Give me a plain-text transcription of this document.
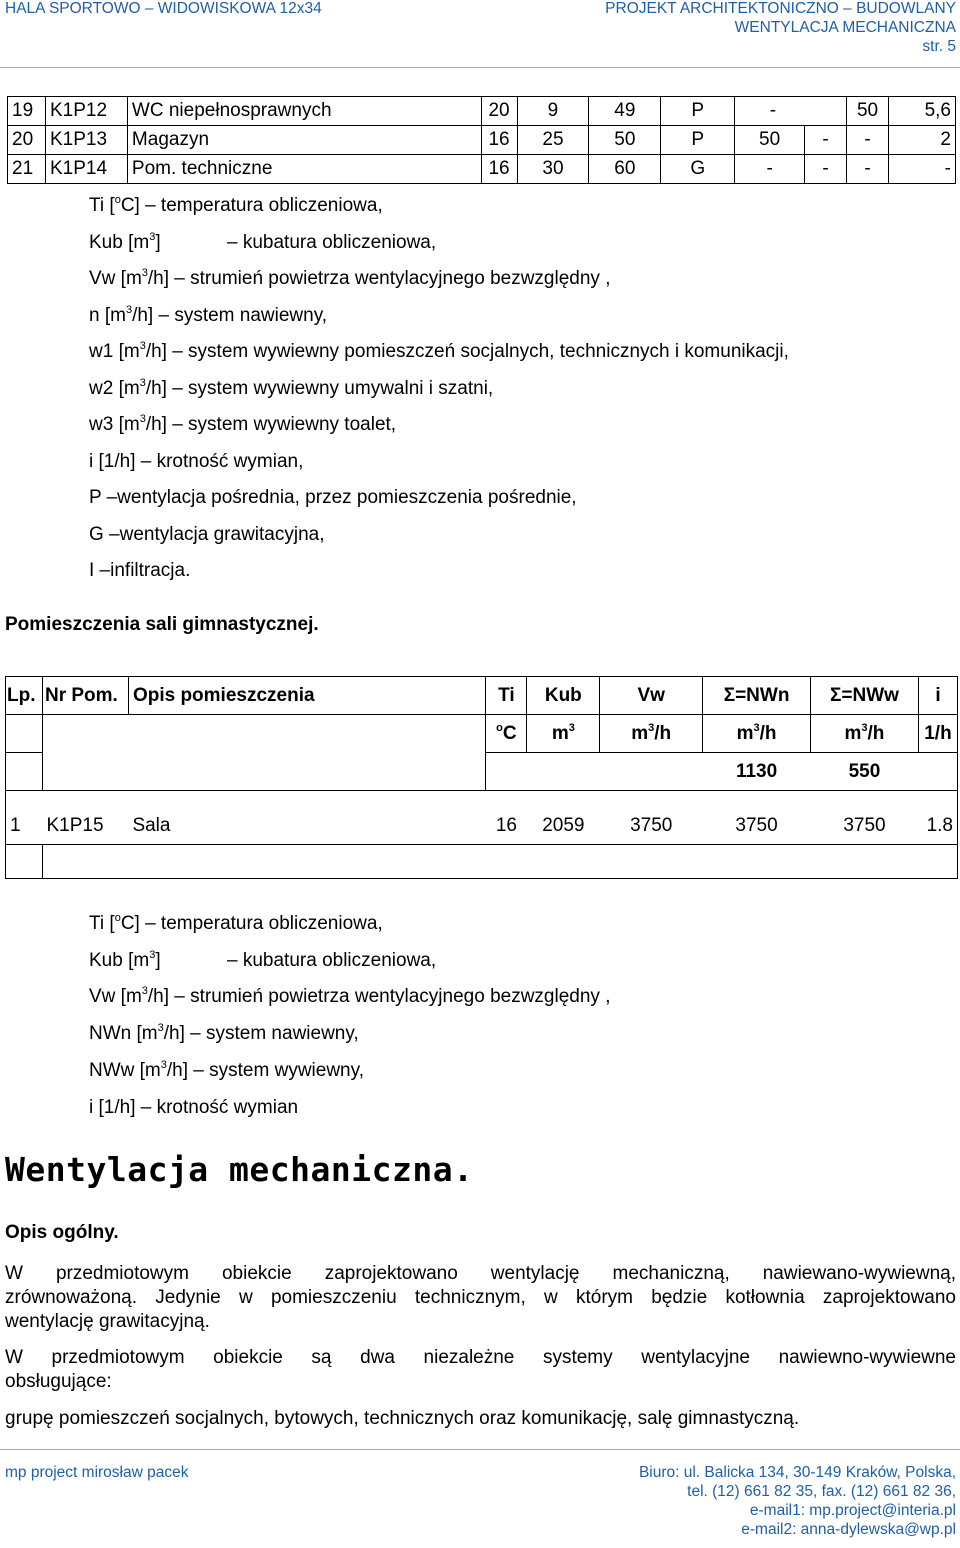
HALA SPORTOWO – WIDOWISKOWA 12x34	PROJEKT ARCHITEKTONICZNO – BUDOWLANY
WENTYLACJA MECHANICZNA
str. 5
19	K1P12	WC niepełnosprawnych	20	9	49	P	-		50	5,6
20	K1P13	Magazyn	16	25	50	P	50	-	-	2
21	K1P14	Pom. techniczne	16	30	60	G	-	-	-	-
Ti [$^o$C] – temperatura obliczeniowa,
Kub $[m^3]$	– kubatura obliczeniowa,
Vw $[m^3/h]$ – strumień powietrza wentylacyjnego bezwzględny ,
n $[m^3/h]$ – system nawiewny,
w1 $[m^3/h]$ – system wywiewny pomieszczeń socjalnych, technicznych i komunikacji,
w2 $[m^3/h]$ – system wywiewny umywalni i szatni,
w3 $[m^3/h]$ – system wywiewny toalet,
i [1/h] – krotność wymian,
P –wentylacja pośrednia, przez pomieszczenia pośrednie,
G –wentylacja grawitacyjna,
I –infiltracja.
Pomieszczenia sali gimnastycznej.
Lp.	Nr Pom.	Opis pomieszczenia	Ti	Kub	Vw	Σ=NWn	Σ=NWw	i
			$^o$C	$m^3$	$m^3/h$	$m^3/h$	$m^3/h$	1/h
						1130	550	

1	K1P15	Sala	16	2059	3750	3750	3750	1.8

Ti [$^o$C] – temperatura obliczeniowa,
Kub $[m^3]$	– kubatura obliczeniowa,
Vw $[m^3/h]$ – strumień powietrza wentylacyjnego bezwzględny ,
NWn $[m^3/h]$ – system nawiewny,
NWw $[m^3/h]$ – system wywiewny,
i [1/h] – krotność wymian
Wentylacja mechaniczna.
Opis ogólny.
W przedmiotowym obiekcie zaprojektowano wentylację mechaniczną, nawiewano-wywiewną,
zrównoważoną. Jedynie w pomieszczeniu technicznym, w którym będzie kotłownia zaprojektowano
wentylację grawitacyjną.
W przedmiotowym obiekcie są dwa niezależne systemy wentylacyjne nawiewno-wywiewne
obsługujące:
grupę pomieszczeń socjalnych, bytowych, technicznych oraz komunikację, salę gimnastyczną.
mp project mirosław pacek	Biuro: ul. Balicka 134, 30-149 Kraków, Polska,
tel. (12) 661 82 35, fax. (12) 661 82 36,
e-mail1: mp.project@interia.pl
e-mail2: anna-dylewska@wp.pl
